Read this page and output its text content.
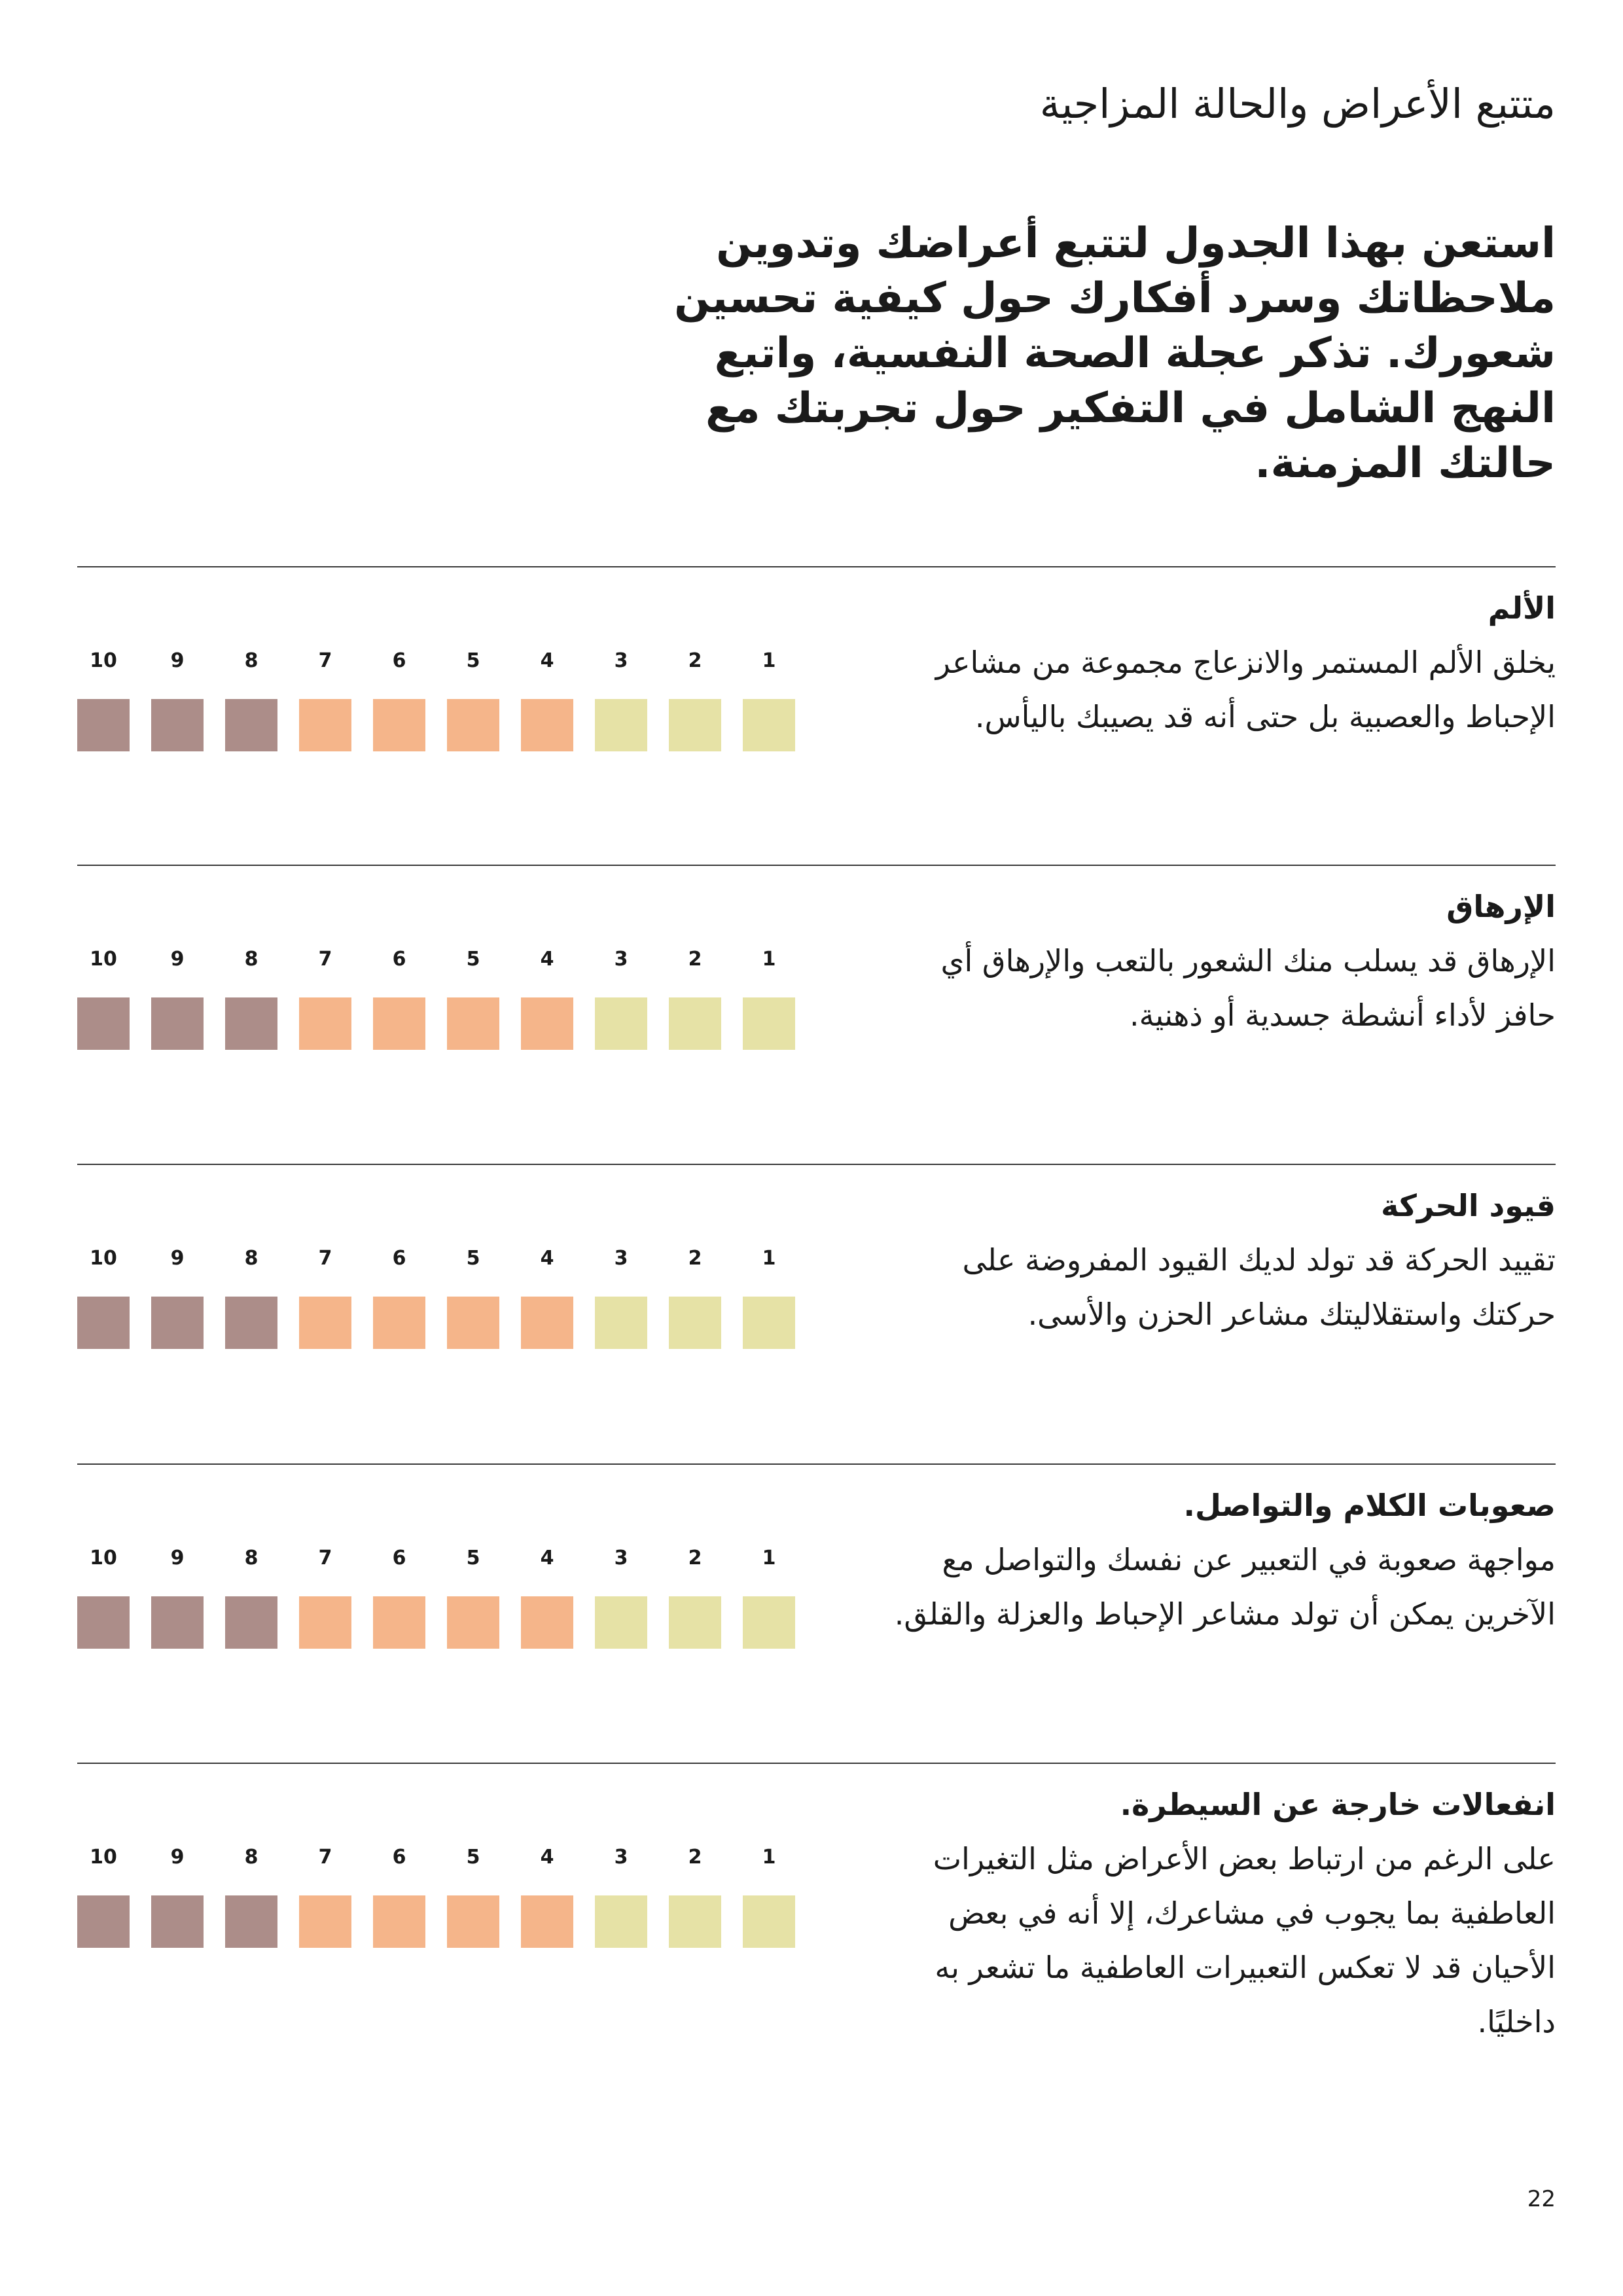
متتبع الأعراض والحالة المزاجية

استعن بهذا الجدول لتتبع أعراضك وتدوين ملاحظاتك وسرد أفكارك حول كيفية تحسين شعورك. تذكر عجلة الصحة النفسية، واتبع النهج الشامل في التفكير حول تجربتك مع حالتك المزمنة.

الألم

يخلق الألم المستمر والانزعاج مجموعة من مشاعر الإحباط والعصبية بل حتى أنه قد يصيبك باليأس.

10	9	8	7	6	5	4	3	2	1
الإرهاق

الإرهاق قد يسلب منك الشعور بالتعب والإرهاق أي حافز لأداء أنشطة جسدية أو ذهنية.

10	9	8	7	6	5	4	3	2	1
قيود الحركة

تقييد الحركة قد تولد لديك القيود المفروضة على حركتك واستقلاليتك مشاعر الحزن والأسى.

10	9	8	7	6	5	4	3	2	1
صعوبات الكلام والتواصل.

مواجهة صعوبة في التعبير عن نفسك والتواصل مع الآخرين يمكن أن تولد مشاعر الإحباط والعزلة والقلق.

10	9	8	7	6	5	4	3	2	1
انفعالات خارجة عن السيطرة.

على الرغم من ارتباط بعض الأعراض مثل التغيرات العاطفية بما يجوب في مشاعرك، إلا أنه في بعض الأحيان قد لا تعكس التعبيرات العاطفية ما تشعر به داخليًا.

10	9	8	7	6	5	4	3	2	1
22
